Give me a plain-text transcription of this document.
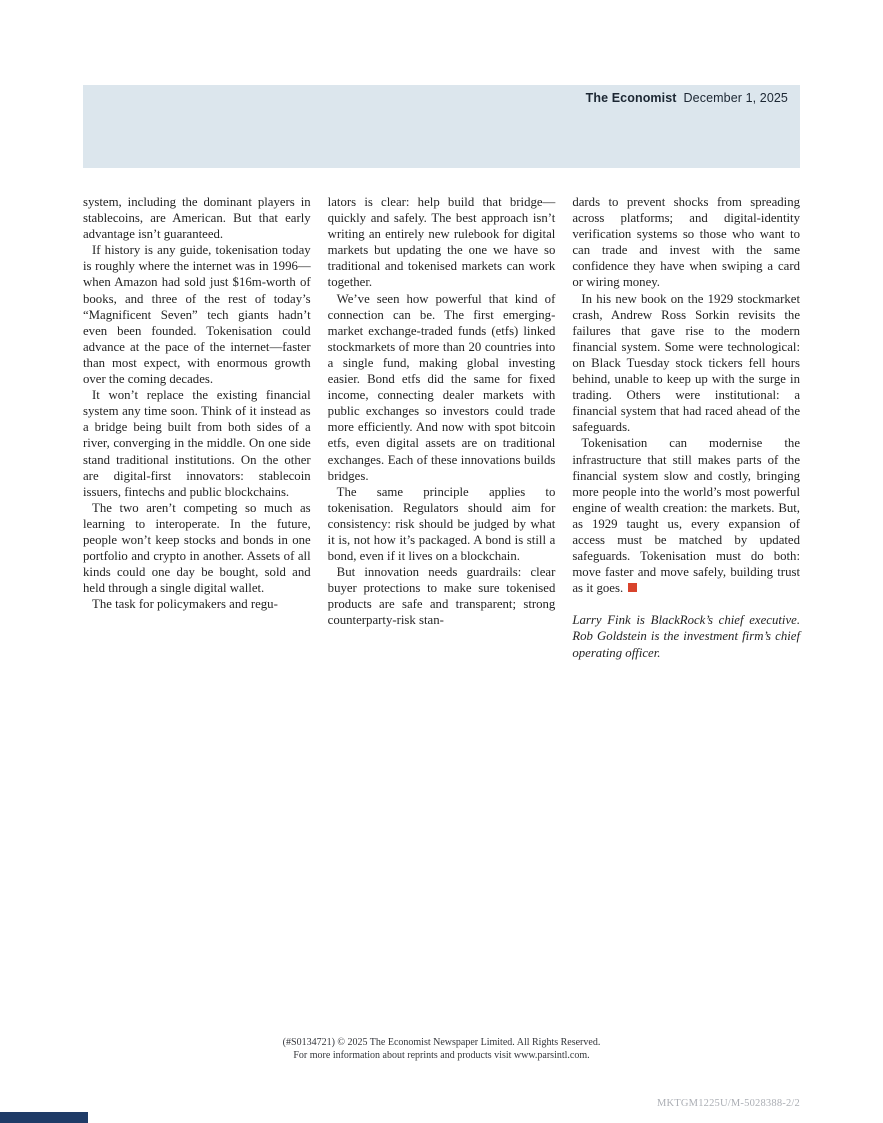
The Economist December 1, 2025

system, including the dominant players in stablecoins, are American. But that early advantage isn’t guaranteed.

If history is any guide, tokenisation today is roughly where the internet was in 1996—when Amazon had sold just $16m-worth of books, and three of the rest of today’s “Magnificent Seven” tech giants hadn’t even been founded. Tokenisation could advance at the pace of the internet—faster than most expect, with enormous growth over the coming decades.

It won’t replace the existing financial system any time soon. Think of it instead as a bridge being built from both sides of a river, converging in the middle. On one side stand traditional institutions. On the other are digital-first innovators: stablecoin issuers, fintechs and public blockchains.

The two aren’t competing so much as learning to interoperate. In the future, people won’t keep stocks and bonds in one portfolio and crypto in another. Assets of all kinds could one day be bought, sold and held through a single digital wallet.

The task for policymakers and regu-

lators is clear: help build that bridge—quickly and safely. The best approach isn’t writing an entirely new rulebook for digital markets but updating the one we have so traditional and tokenised markets can work together.

We’ve seen how powerful that kind of connection can be. The first emerging-market exchange-traded funds (etfs) linked stockmarkets of more than 20 countries into a single fund, making global investing easier. Bond etfs did the same for fixed income, connecting dealer markets with public exchanges so investors could trade more efficiently. And now with spot bitcoin etfs, even digital assets are on traditional exchanges. Each of these innovations builds bridges.

The same principle applies to tokenisation. Regulators should aim for consistency: risk should be judged by what it is, not how it’s packaged. A bond is still a bond, even if it lives on a blockchain.

But innovation needs guardrails: clear buyer protections to make sure tokenised products are safe and transparent; strong counterparty-risk stan-

dards to prevent shocks from spreading across platforms; and digital-identity verification systems so those who want to can trade and invest with the same confidence they have when swiping a card or wiring money.

In his new book on the 1929 stockmarket crash, Andrew Ross Sorkin revisits the failures that gave rise to the modern financial system. Some were technological: on Black Tuesday stock tickers fell hours behind, unable to keep up with the surge in trading. Others were institutional: a financial system that had raced ahead of the safeguards.

Tokenisation can modernise the infrastructure that still makes parts of the financial system slow and costly, bringing more people into the world’s most powerful engine of wealth creation: the markets. But, as 1929 taught us, every expansion of access must be matched by updated safeguards. Tokenisation must do both: move faster and move safely, building trust as it goes.

Larry Fink is BlackRock’s chief executive. Rob Goldstein is the investment firm’s chief operating officer.

(#S0134721) © 2025 The Economist Newspaper Limited. All Rights Reserved.
For more information about reprints and products visit www.parsintl.com.
MKTGM1225U/M-5028388-2/2
